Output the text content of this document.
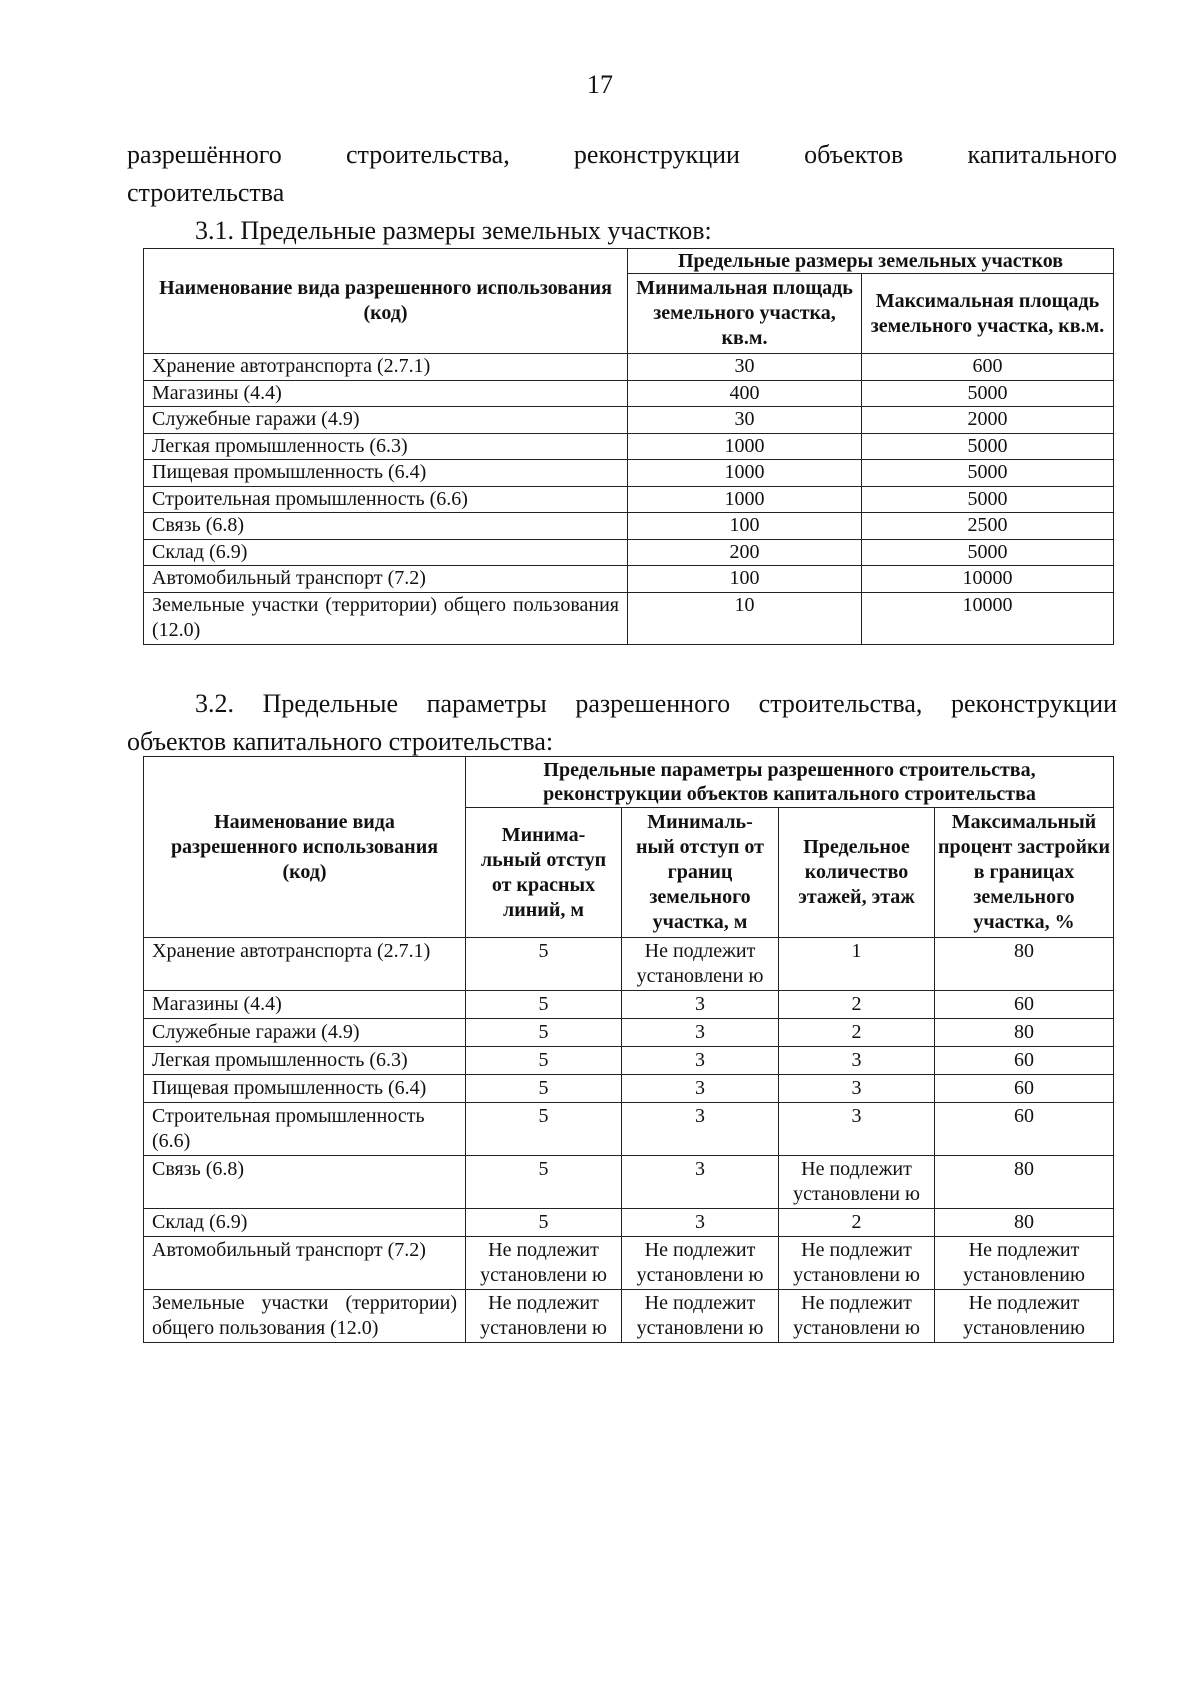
17
разрешённого строительства, реконструкции объектов капитального
строительства
3.1. Предельные размеры земельных участков:
Наименование вида разрешенного использования (код)	Предельные размеры земельных участков	
	Минимальная площадь земельного участка, кв.м.	Максимальная площадь земельного участка, кв.м.
Хранение автотранспорта (2.7.1)	30	600
Магазины (4.4)	400	5000
Служебные гаражи (4.9)	30	2000
Легкая промышленность (6.3)	1000	5000
Пищевая промышленность (6.4)	1000	5000
Строительная промышленность (6.6)	1000	5000
Связь (6.8)	100	2500
Склад (6.9)	200	5000
Автомобильный транспорт (7.2)	100	10000
Земельные участки (территории) общего пользования (12.0)	10	10000
3.2. Предельные параметры разрешенного строительства, реконструкции
объектов капитального строительства:
Наименование вида разрешенного использования (код)	Предельные параметры разрешенного строительства, реконструкции объектов капитального строительства			
	Минима-льный отступ от красных линий, м	Минималь-ный отступ от границ земельного участка, м	Предельное количество этажей, этаж	Максимальный процент застройки в границах земельного участка, %
Хранение автотранспорта (2.7.1)	5	Не подлежит установлени ю	1	80
Магазины (4.4)	5	3	2	60
Служебные гаражи (4.9)	5	3	2	80
Легкая промышленность (6.3)	5	3	3	60
Пищевая промышленность (6.4)	5	3	3	60
Строительная промышленность (6.6)	5	3	3	60
Связь (6.8)	5	3	Не подлежит установлени ю	80
Склад (6.9)	5	3	2	80
Автомобильный транспорт (7.2)	Не подлежит установлени ю	Не подлежит установлени ю	Не подлежит установлени ю	Не подлежит установлению
Земельные участки (территории) общего пользования (12.0)	Не подлежит установлени ю	Не подлежит установлени ю	Не подлежит установлени ю	Не подлежит установлению
